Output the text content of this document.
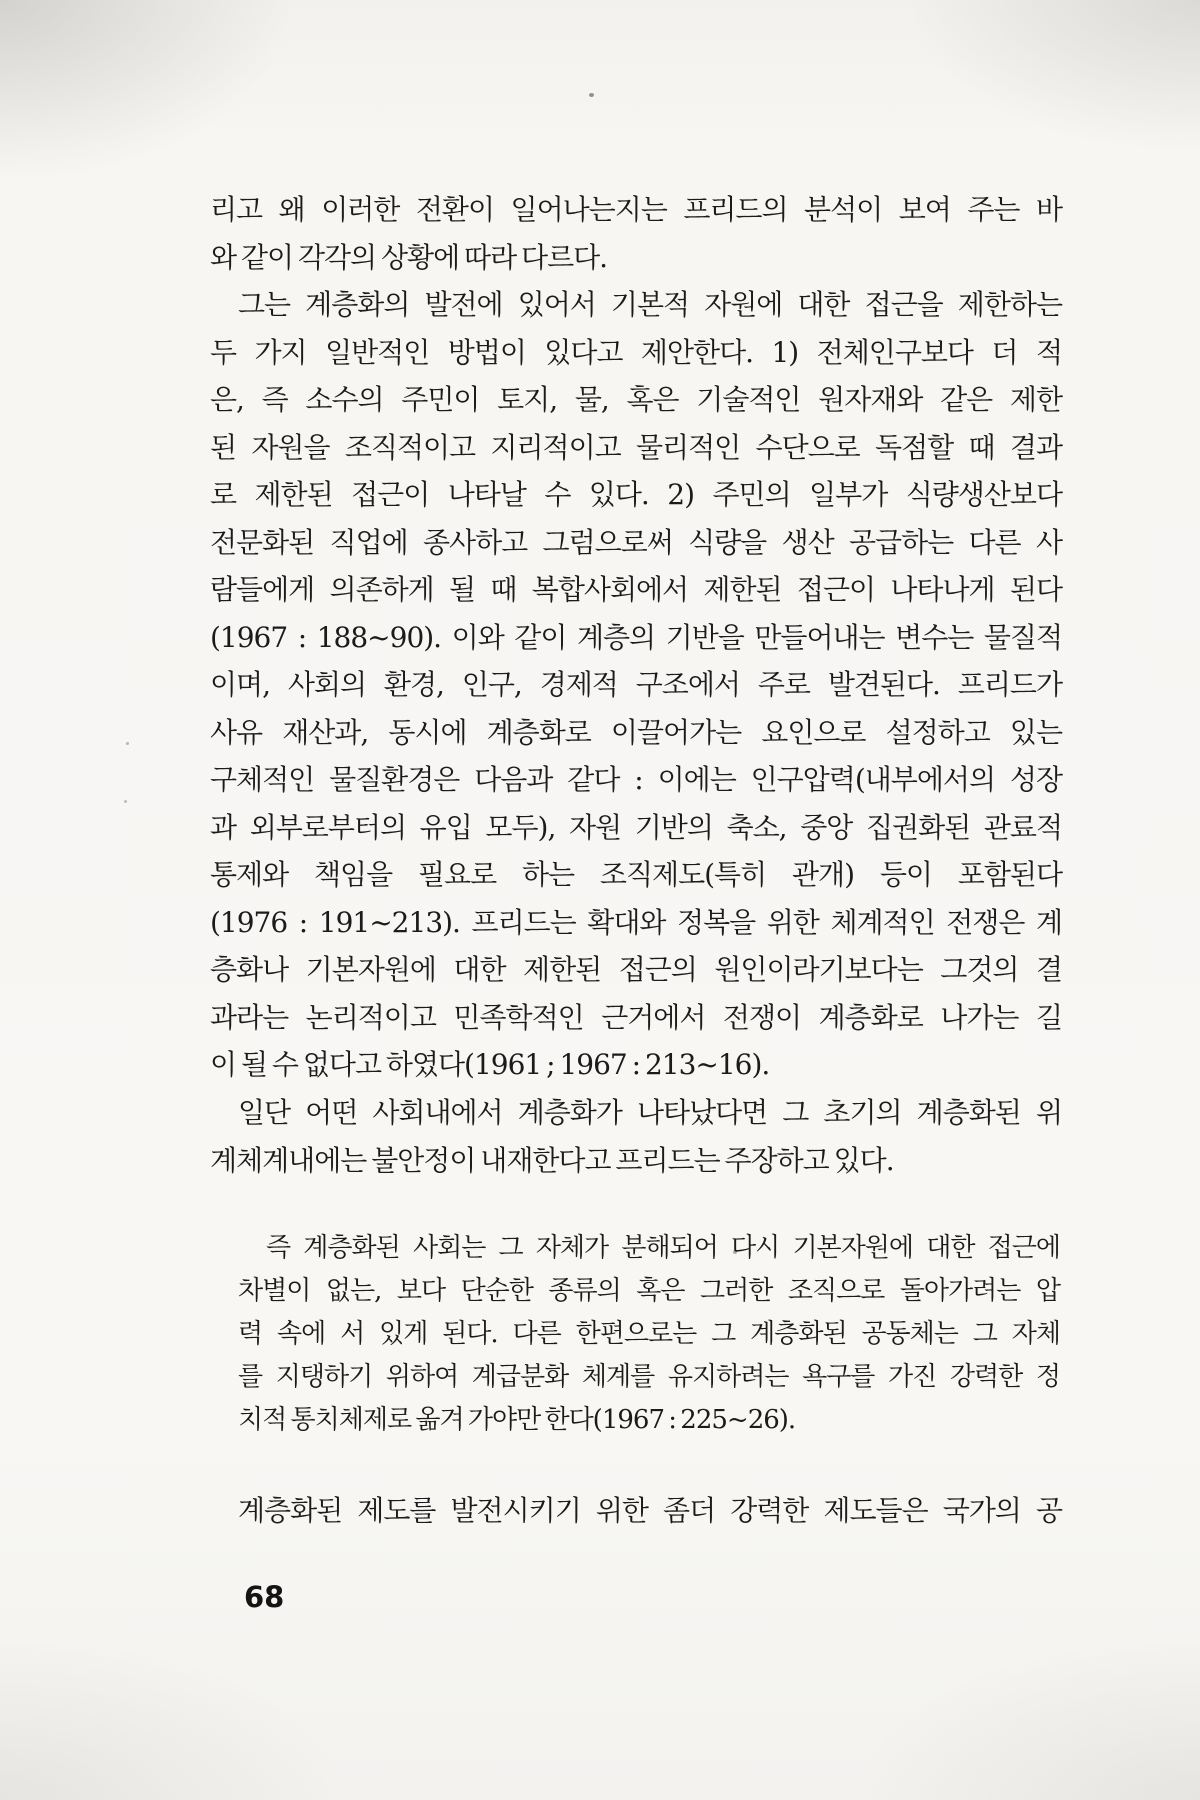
리고 왜 이러한 전환이 일어나는지는 프리드의 분석이 보여 주는 바
와 같이 각각의 상황에 따라 다르다.
그는 계층화의 발전에 있어서 기본적 자원에 대한 접근을 제한하는
두 가지 일반적인 방법이 있다고 제안한다. 1) 전체인구보다 더 적
은, 즉 소수의 주민이 토지, 물, 혹은 기술적인 원자재와 같은 제한
된 자원을 조직적이고 지리적이고 물리적인 수단으로 독점할 때 결과
로 제한된 접근이 나타날 수 있다. 2) 주민의 일부가 식량생산보다
전문화된 직업에 종사하고 그럼으로써 식량을 생산 공급하는 다른 사
람들에게 의존하게 될 때 복합사회에서 제한된 접근이 나타나게 된다
(1967 : 188~90). 이와 같이 계층의 기반을 만들어내는 변수는 물질적
이며, 사회의 환경, 인구, 경제적 구조에서 주로 발견된다. 프리드가
사유 재산과, 동시에 계층화로 이끌어가는 요인으로 설정하고 있는
구체적인 물질환경은 다음과 같다 : 이에는 인구압력(내부에서의 성장
과 외부로부터의 유입 모두), 자원 기반의 축소, 중앙 집권화된 관료적
통제와 책임을 필요로 하는 조직제도(특히 관개) 등이 포함된다
(1976 : 191~213). 프리드는 확대와 정복을 위한 체계적인 전쟁은 계
층화나 기본자원에 대한 제한된 접근의 원인이라기보다는 그것의 결
과라는 논리적이고 민족학적인 근거에서 전쟁이 계층화로 나가는 길
이 될 수 없다고 하였다(1961 ; 1967 : 213~16).
일단 어떤 사회내에서 계층화가 나타났다면 그 초기의 계층화된 위
계체계내에는 불안정이 내재한다고 프리드는 주장하고 있다.
즉 계층화된 사회는 그 자체가 분해되어 다시 기본자원에 대한 접근에
차별이 없는, 보다 단순한 종류의 혹은 그러한 조직으로 돌아가려는 압
력 속에 서 있게 된다. 다른 한편으로는 그 계층화된 공동체는 그 자체
를 지탱하기 위하여 계급분화 체계를 유지하려는 욕구를 가진 강력한 정
치적 통치체제로 옮겨 가야만 한다(1967 : 225~26).
계층화된 제도를 발전시키기 위한 좀더 강력한 제도들은 국가의 공
68
